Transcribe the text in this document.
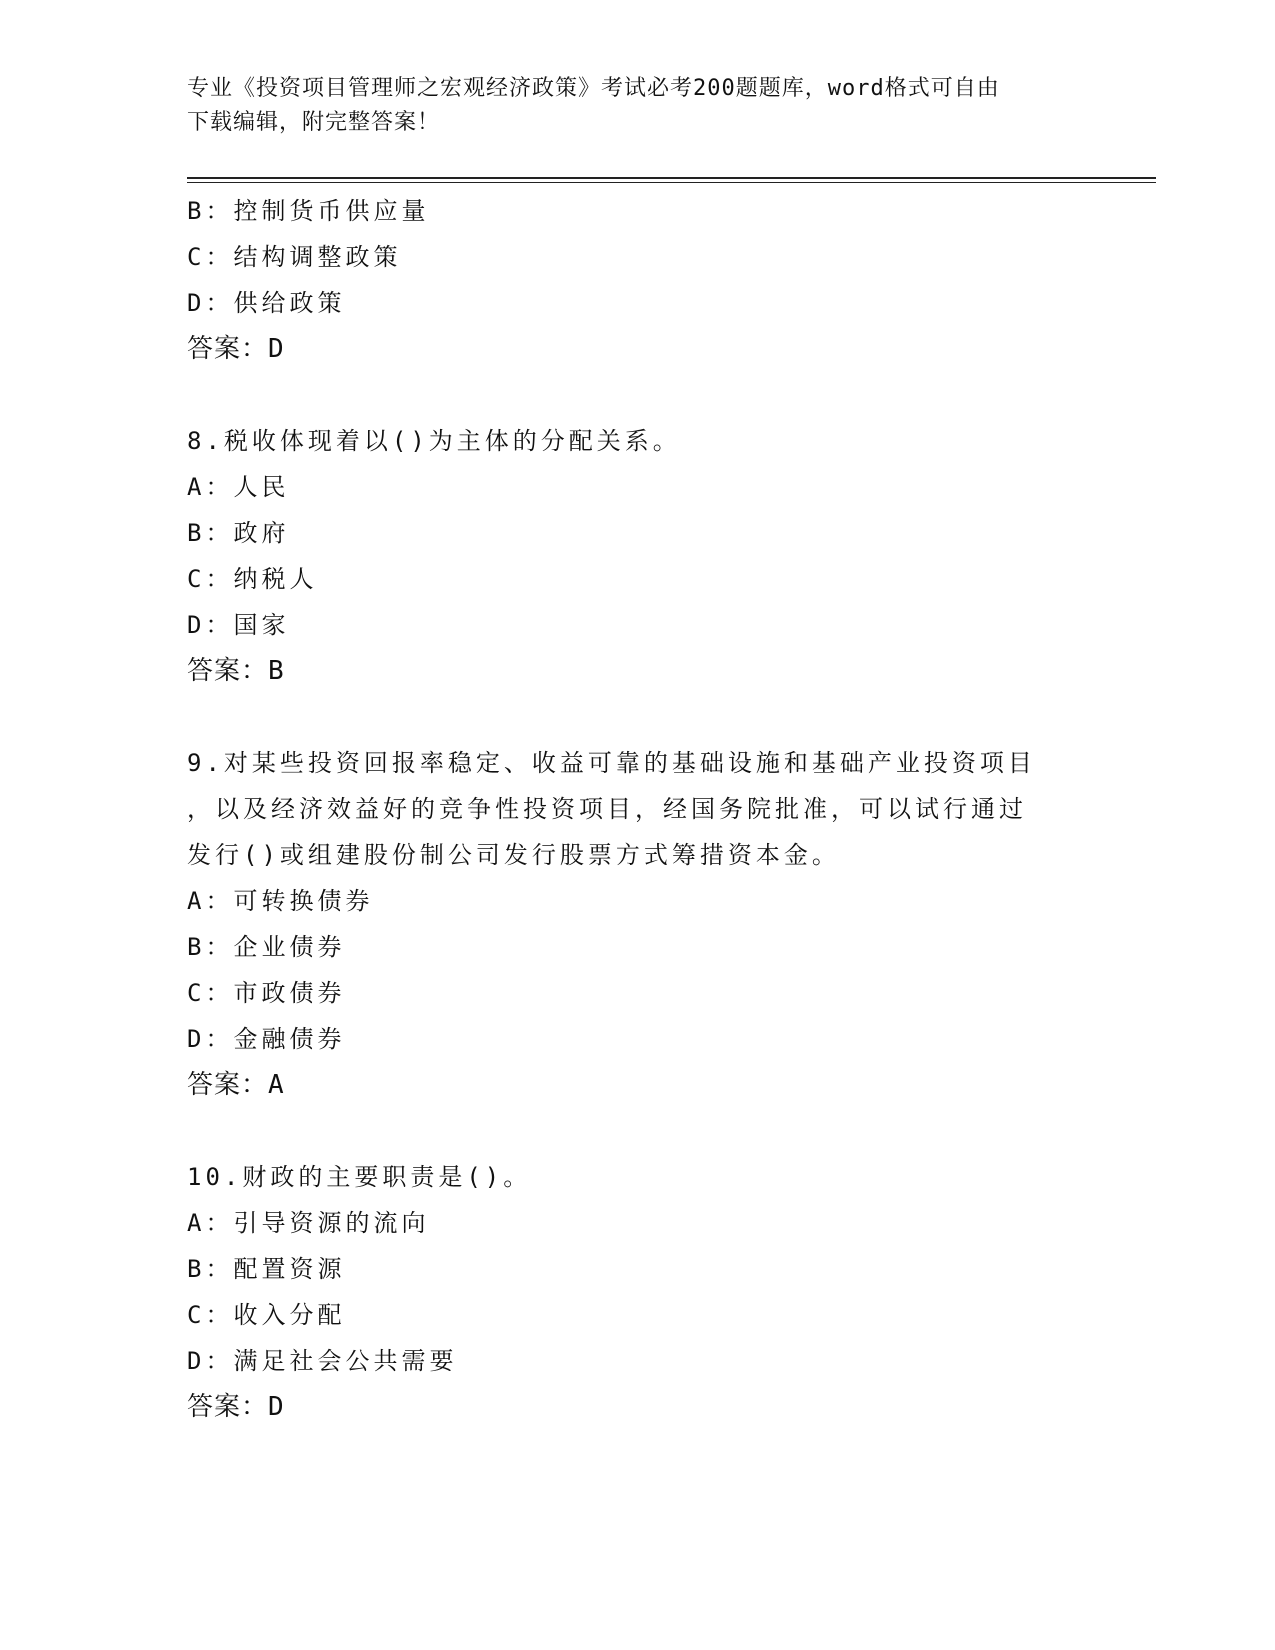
专业《投资项目管理师之宏观经济政策》考试必考200题题库，word格式可自由
下载编辑，附完整答案！
B：控制货币供应量
C：结构调整政策
D：供给政策
答案：D
8.税收体现着以()为主体的分配关系。
A：人民
B：政府
C：纳税人
D：国家
答案：B
9.对某些投资回报率稳定、收益可靠的基础设施和基础产业投资项目
，以及经济效益好的竞争性投资项目，经国务院批准，可以试行通过
发行()或组建股份制公司发行股票方式筹措资本金。
A：可转换债券
B：企业债券
C：市政债券
D：金融债券
答案：A
10.财政的主要职责是()。
A：引导资源的流向
B：配置资源
C：收入分配
D：满足社会公共需要
答案：D
